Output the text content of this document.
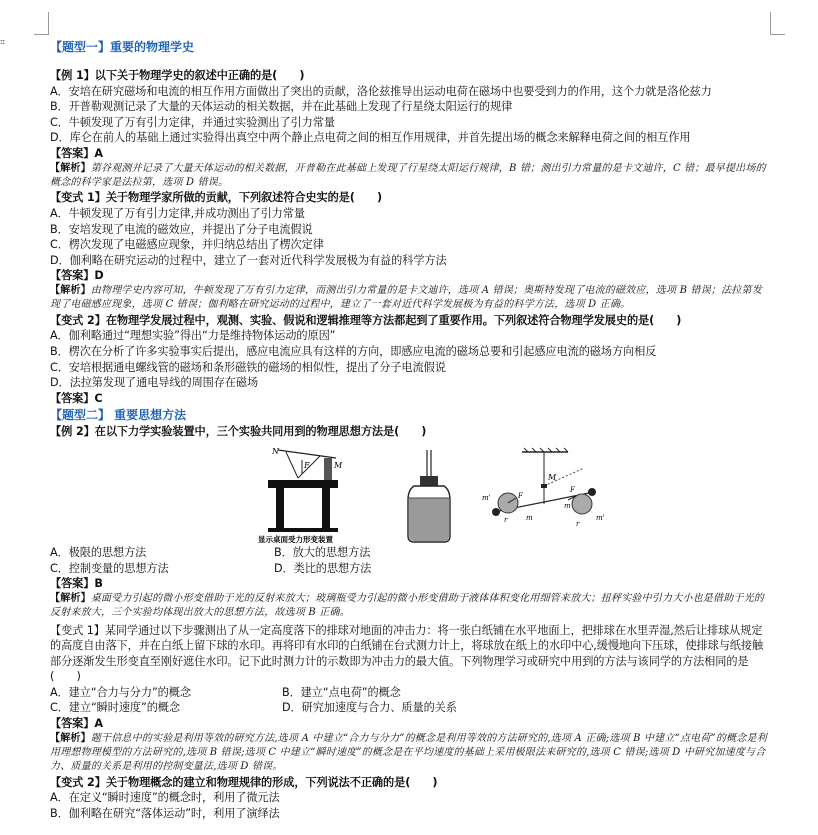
⌗	【题型一】重要的物理学史
【例 1】以下关于物理学史的叙述中正确的是(　　)
A．安培在研究磁场和电流的相互作用方面做出了突出的贡献，洛伦兹推导出运动电荷在磁场中也要受到力的作用，这个力就是洛伦兹力
B．开普勒观测记录了大量的天体运动的相关数据，并在此基础上发现了行星绕太阳运行的规律
C．牛顿发现了万有引力定律，并通过实验测出了引力常量
D．库仑在前人的基础上通过实验得出真空中两个静止点电荷之间的相互作用规律，并首先提出场的概念来解释电荷之间的相互作用
【答案】A
【解析】第谷观测并记录了大量天体运动的相关数据，开普勒在此基础上发现了行星绕太阳运行规律，B 错；测出引力常量的是卡文迪许，C 错；最早提出场的概念的科学家是法拉第，选项 D 错误。
【变式 1】关于物理学家所做的贡献，下列叙述符合史实的是(　　)
A．牛顿发现了万有引力定律,并成功测出了引力常量
B．安培发现了电流的磁效应，并提出了分子电流假说
C．楞次发现了电磁感应现象，并归纳总结出了楞次定律
D．伽利略在研究运动的过程中，建立了一套对近代科学发展极为有益的科学方法
【答案】D
【解析】由物理学史内容可知，牛顿发现了万有引力定律，而测出引力常量的是卡文迪许，选项 A 错误；奥斯特发现了电流的磁效应，选项 B 错误；法拉第发现了电磁感应现象，选项 C 错误；伽利略在研究运动的过程中，建立了一套对近代科学发展极为有益的科学方法，选项 D 正确。
【变式 2】在物理学发展过程中，观测、实验、假说和逻辑推理等方法都起到了重要作用。下列叙述符合物理学发展史的是(　　)
A．伽利略通过“理想实验”得出“力是维持物体运动的原因”
B．楞次在分析了许多实验事实后提出，感应电流应具有这样的方向，即感应电流的磁场总要和引起感应电流的磁场方向相反
C．安培根据通电螺线管的磁场和条形磁铁的磁场的相似性，提出了分子电流假说
D．法拉第发现了通电导线的周围存在磁场
【答案】C
【题型二】 重要思想方法
【例 2】在以下力学实验装置中，三个实验共同用到的物理思想方法是(　　)
N
F	M
显示桌面受力形变装置
M
m'	F
F
r	m
m
r
m'
A．极限的思想方法	B．放大的思想方法
C．控制变量的思想方法	D．类比的思想方法
【答案】B
【解析】桌面受力引起的微小形变借助于光的反射来放大；玻璃瓶受力引起的微小形变借助于液体体积变化用细管来放大；扭秤实验中引力大小也是借助于光的反射来放大，三个实验均体现出放大的思想方法，故选项 B 正确。
【变式 1】某同学通过以下步骤测出了从一定高度落下的排球对地面的冲击力：将一张白纸铺在水平地面上，把排球在水里弄湿,然后让排球从规定的高度自由落下，并在白纸上留下球的水印。再将印有水印的白纸铺在台式测力计上，将球放在纸上的水印中心,缓慢地向下压球，使排球与纸接触部分逐渐发生形变直至刚好遮住水印。记下此时测力计的示数即为冲击力的最大值。下列物理学习或研究中用到的方法与该同学的方法相同的是(　　)
A．建立“合力与分力”的概念	B．建立“点电荷”的概念
C．建立“瞬时速度”的概念	D．研究加速度与合力、质量的关系
【答案】A
【解析】题干信息中的实验是利用等效的研究方法,选项 A 中建立“合力与分力”的概念是利用等效的方法研究的,选项 A 正确;选项 B 中建立“点电荷”的概念是利用理想物理模型的方法研究的,选项 B 错误;选项 C 中建立“瞬时速度”的概念是在平均速度的基础上采用极限法来研究的,选项 C 错误;选项 D 中研究加速度与合力、质量的关系是利用的控制变量法,选项 D 错误。
【变式 2】关于物理概念的建立和物理规律的形成，下列说法不正确的是(　　)
A．在定义“瞬时速度”的概念时，利用了微元法
B．伽利略在研究“落体运动”时，利用了演绎法
